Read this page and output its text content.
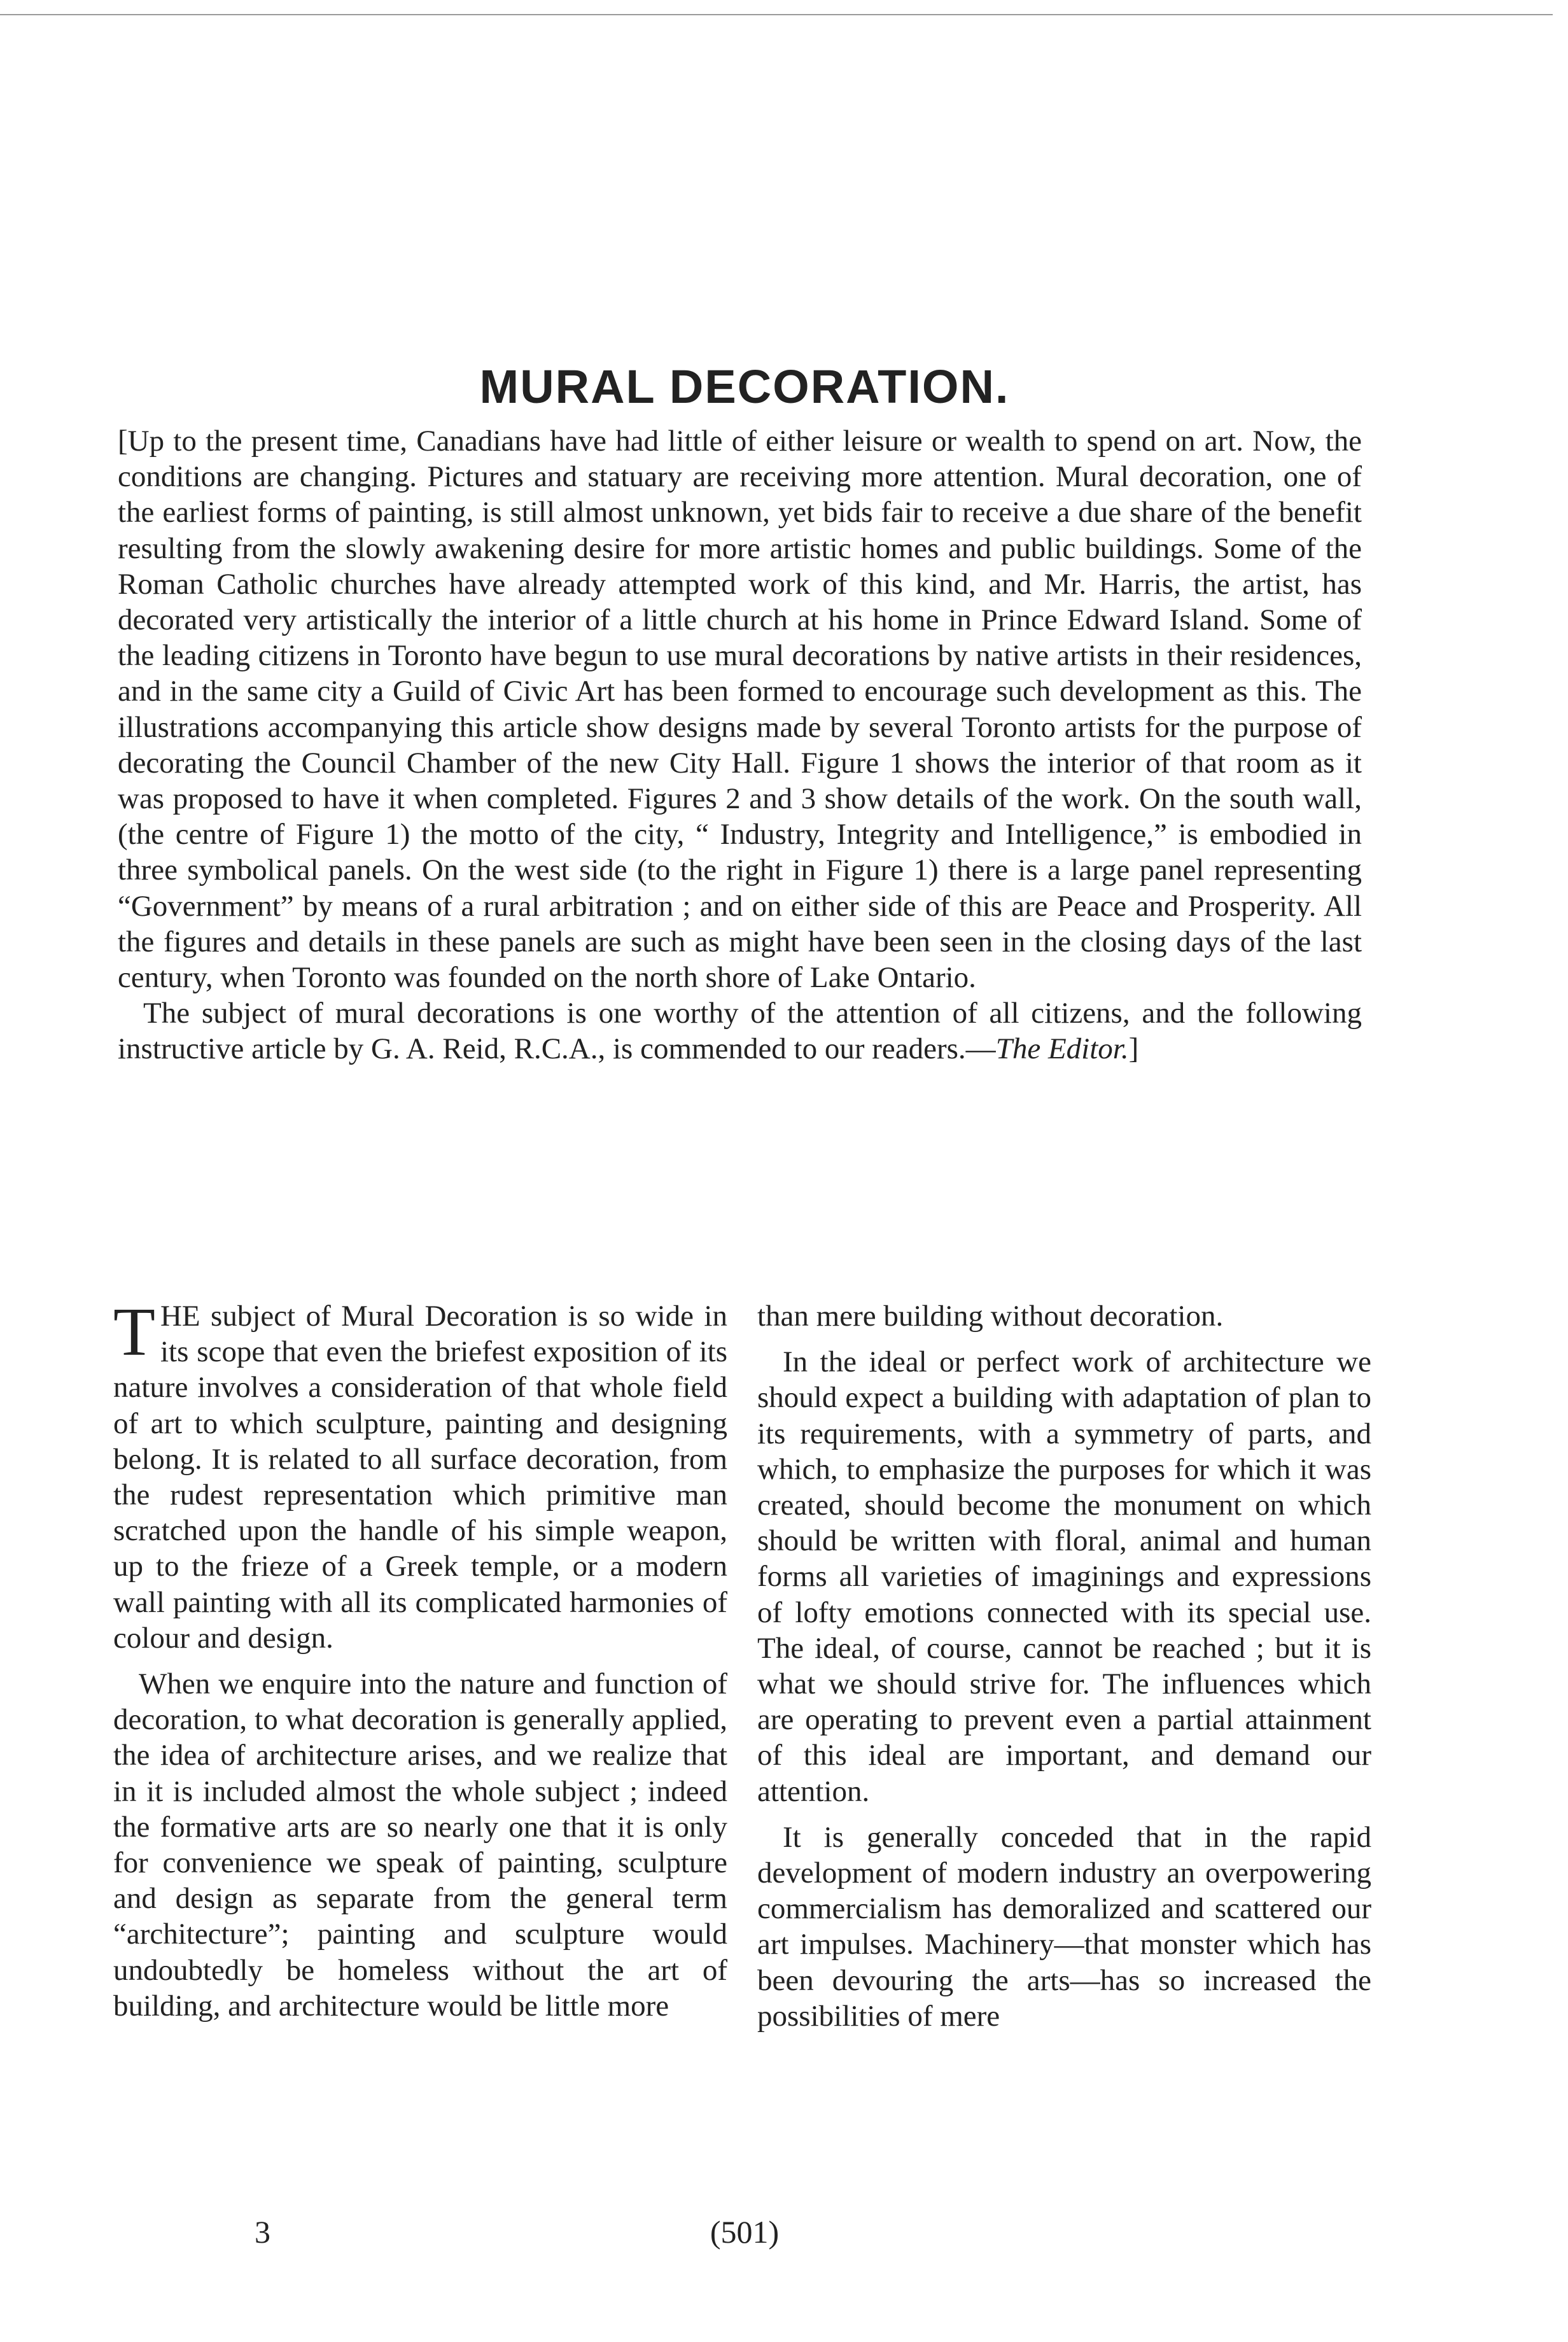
MURAL DECORATION.

[Up to the present time, Canadians have had little of either leisure or wealth to spend on art. Now, the conditions are changing. Pictures and statuary are receiving more attention. Mural decoration, one of the earliest forms of painting, is still almost unknown, yet bids fair to receive a due share of the benefit resulting from the slowly awakening desire for more artistic homes and public buildings. Some of the Roman Catholic churches have already attempted work of this kind, and Mr. Harris, the artist, has decorated very artistically the interior of a little church at his home in Prince Edward Island. Some of the leading citizens in Toronto have begun to use mural decorations by native artists in their residences, and in the same city a Guild of Civic Art has been formed to encourage such development as this. The illustrations accompanying this article show designs made by several Toronto artists for the purpose of decorating the Council Chamber of the new City Hall. Figure 1 shows the interior of that room as it was proposed to have it when completed. Figures 2 and 3 show details of the work. On the south wall, (the centre of Figure 1) the motto of the city, “ Industry, Integrity and Intelligence,” is embodied in three symbolical panels. On the west side (to the right in Figure 1) there is a large panel representing “Government” by means of a rural arbitration ; and on either side of this are Peace and Prosperity. All the figures and details in these panels are such as might have been seen in the closing days of the last century, when Toronto was founded on the north shore of Lake Ontario.

The subject of mural decorations is one worthy of the attention of all citizens, and the following instructive article by G. A. Reid, R.C.A., is commended to our readers.—The Editor.]

THE subject of Mural Decoration is so wide in its scope that even the briefest exposition of its nature involves a consideration of that whole field of art to which sculpture, painting and designing belong. It is related to all surface decoration, from the rudest representation which primitive man scratched upon the handle of his simple weapon, up to the frieze of a Greek temple, or a modern wall painting with all its complicated harmonies of colour and design.

When we enquire into the nature and function of decoration, to what decoration is generally applied, the idea of architecture arises, and we realize that in it is included almost the whole subject ; indeed the formative arts are so nearly one that it is only for convenience we speak of painting, sculpture and design as separate from the general term “architecture”; painting and sculpture would undoubtedly be homeless without the art of building, and architecture would be little more

than mere building without decoration.

In the ideal or perfect work of architecture we should expect a building with adaptation of plan to its requirements, with a symmetry of parts, and which, to emphasize the purposes for which it was created, should become the monument on which should be written with floral, animal and human forms all varieties of imaginings and expressions of lofty emotions connected with its special use. The ideal, of course, cannot be reached ; but it is what we should strive for. The influences which are operating to prevent even a partial attainment of this ideal are important, and demand our attention.

It is generally conceded that in the rapid development of modern industry an overpowering commercialism has demoralized and scattered our art impulses. Machinery—that monster which has been devouring the arts—has so increased the possibilities of mere

3	(501)
